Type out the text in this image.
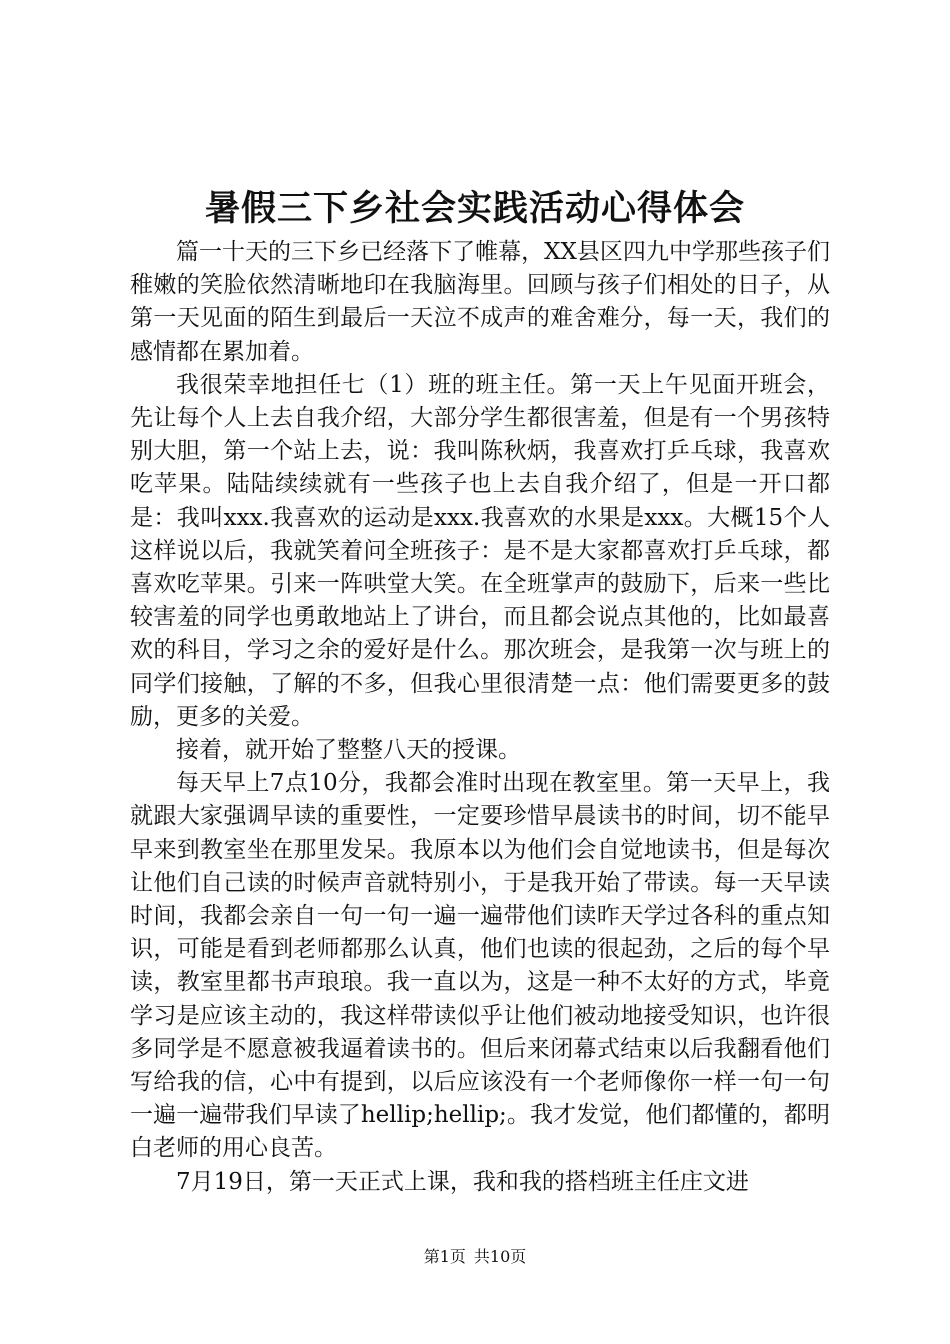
暑假三下乡社会实践活动心得体会

篇一十天的三下乡已经落下了帷幕，XX县区四九中学那些孩子们稚嫩的笑脸依然清晰地印在我脑海里。回顾与孩子们相处的日子，从第一天见面的陌生到最后一天泣不成声的难舍难分，每一天，我们的感情都在累加着。

我很荣幸地担任七（1）班的班主任。第一天上午见面开班会，先让每个人上去自我介绍，大部分学生都很害羞，但是有一个男孩特别大胆，第一个站上去，说：我叫陈秋炳，我喜欢打乒乓球，我喜欢吃苹果。陆陆续续就有一些孩子也上去自我介绍了，但是一开口都是：我叫xxx.我喜欢的运动是xxx.我喜欢的水果是xxx。大概15个人这样说以后，我就笑着问全班孩子：是不是大家都喜欢打乒乓球，都喜欢吃苹果。引来一阵哄堂大笑。在全班掌声的鼓励下，后来一些比较害羞的同学也勇敢地站上了讲台，而且都会说点其他的，比如最喜欢的科目，学习之余的爱好是什么。那次班会，是我第一次与班上的同学们接触，了解的不多，但我心里很清楚一点：他们需要更多的鼓励，更多的关爱。

接着，就开始了整整八天的授课。

每天早上7点10分，我都会准时出现在教室里。第一天早上，我就跟大家强调早读的重要性，一定要珍惜早晨读书的时间，切不能早早来到教室坐在那里发呆。我原本以为他们会自觉地读书，但是每次让他们自己读的时候声音就特别小，于是我开始了带读。每一天早读时间，我都会亲自一句一句一遍一遍带他们读昨天学过各科的重点知识，可能是看到老师都那么认真，他们也读的很起劲，之后的每个早读，教室里都书声琅琅。我一直以为，这是一种不太好的方式，毕竟学习是应该主动的，我这样带读似乎让他们被动地接受知识，也许很多同学是不愿意被我逼着读书的。但后来闭幕式结束以后我翻看他们写给我的信，心中有提到，以后应该没有一个老师像你一样一句一句一遍一遍带我们早读了hellip;hellip;。我才发觉，他们都懂的，都明白老师的用心良苦。

7月19日，第一天正式上课，我和我的搭档班主任庄文进

第1页 共10页
